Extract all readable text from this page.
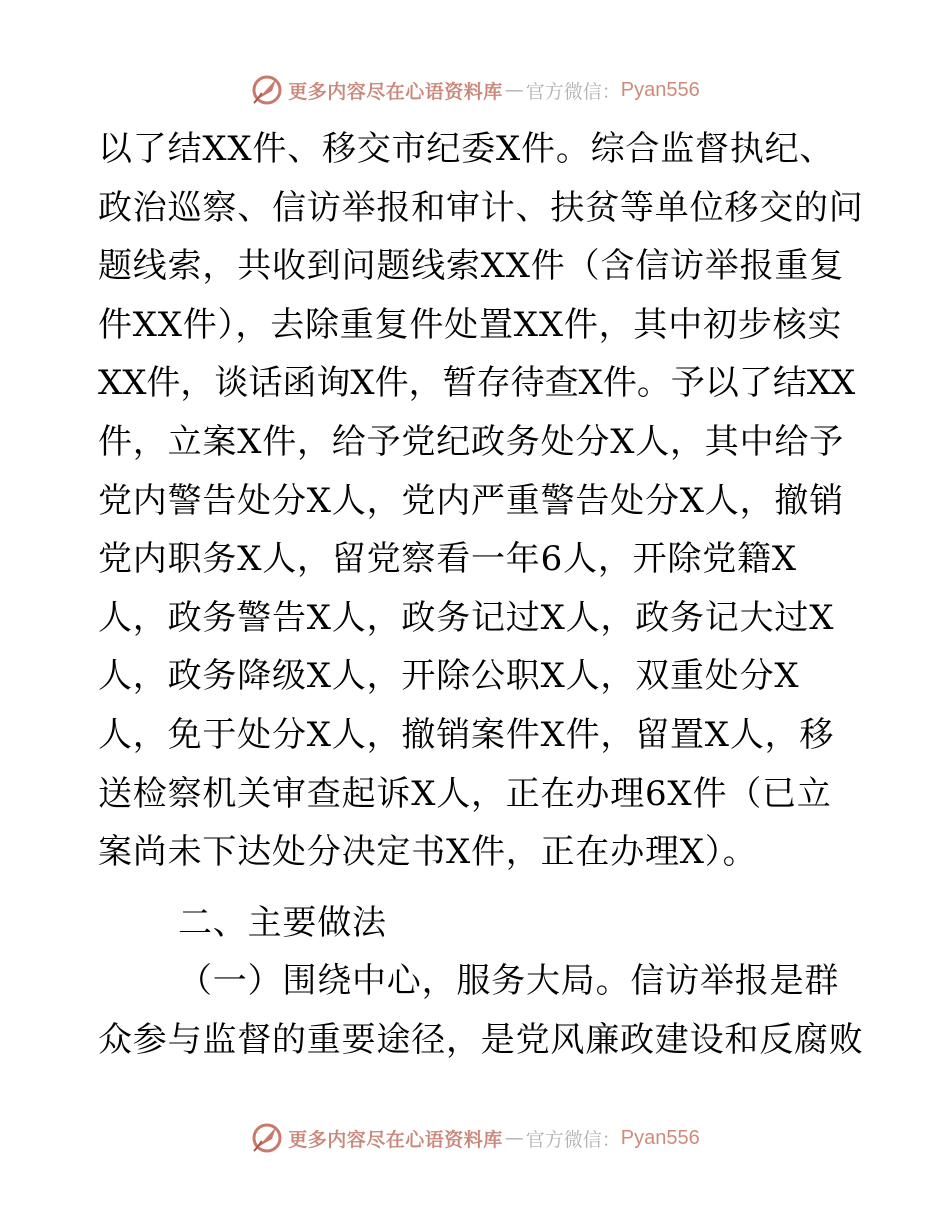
更多内容尽在心语资料库 — 官方微信： Pyan556
以了结XX件、移交市纪委X件。综合监督执纪、
政治巡察、信访举报和审计、扶贫等单位移交的问
题线索，共收到问题线索XX件（含信访举报重复
件XX件），去除重复件处置XX件，其中初步核实
XX件，谈话函询X件，暂存待查X件。予以了结XX
件，立案X件，给予党纪政务处分X人，其中给予
党内警告处分X人，党内严重警告处分X人，撤销
党内职务X人，留党察看一年6人，开除党籍X
人，政务警告X人，政务记过X人，政务记大过X
人，政务降级X人，开除公职X人，双重处分X
人，免于处分X人，撤销案件X件，留置X人，移
送检察机关审查起诉X人，正在办理6X件（已立
案尚未下达处分决定书X件，正在办理X）。
二、主要做法
（一）围绕中心，服务大局。信访举报是群
众参与监督的重要途径，是党风廉政建设和反腐败
更多内容尽在心语资料库 — 官方微信： Pyan556
